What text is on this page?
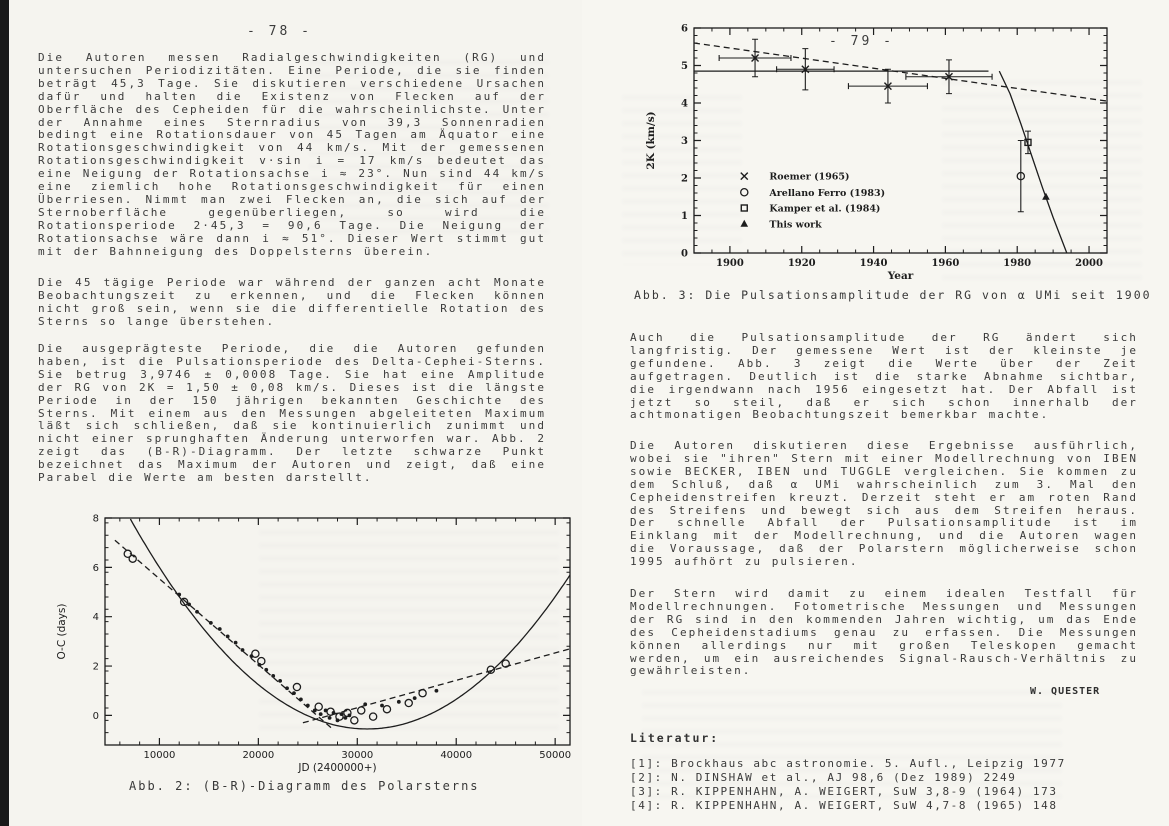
- 78 -
Die Autoren messen Radialgeschwindigkeiten (RG) und untersuchen Periodizitäten. Eine Periode, die sie finden beträgt 45,3 Tage. Sie diskutieren verschiedene Ursachen dafür und halten die Existenz von Flecken auf der Oberfläche des Cepheiden für die wahrscheinlichste. Unter der Annahme eines Sternradius von 39,3 Sonnenradien bedingt eine Rotationsdauer von 45 Tagen am Äquator eine Rotationsgeschwindigkeit von 44 km/s. Mit der gemessenen Rotationsgeschwindigkeit v·sin i = 17 km/s bedeutet das eine Neigung der Rotationsachse i ≈ 23°. Nun sind 44 km/s eine ziemlich hohe Rotationsgeschwindigkeit für einen Überriesen. Nimmt man zwei Flecken an, die sich auf der Sternoberfläche gegenüberliegen, so wird die Rotationsperiode 2·45,3 = 90,6 Tage. Die Neigung der Rotationsachse wäre dann i ≈ 51°. Dieser Wert stimmt gut mit der Bahnneigung des Doppelsterns überein.
Die 45 tägige Periode war während der ganzen acht Monate Beobachtungszeit zu erkennen, und die Flecken können nicht groß sein, wenn sie die differentielle Rotation des Sterns so lange überstehen.
Die ausgeprägteste Periode, die die Autoren gefunden haben, ist die Pulsationsperiode des Delta-Cephei-Sterns. Sie betrug 3,9746 ± 0,0008 Tage. Sie hat eine Amplitude der RG von 2K = 1,50 ± 0,08 km/s. Dieses ist die längste Periode in der 150 jährigen bekannten Geschichte des Sterns. Mit einem aus den Messungen abgeleiteten Maximum läßt sich schließen, daß sie kontinuierlich zunimmt und nicht einer sprunghaften Änderung unterworfen war. Abb. 2 zeigt das (B-R)-Diagramm. Der letzte schwarze Punkt bezeichnet das Maximum der Autoren und zeigt, daß eine Parabel die Werte am besten darstellt.
10000	20000	30000	40000	50000
0
2
4
6
8
JD (2400000+)
O-C (days)
Abb. 2: (B-R)-Diagramm des Polarsterns
1900	1920	1940	1960	1980	2000
0
1
2
3
4
5
6
Year
2K (km/s)
Roemer (1965)
Arellano Ferro (1983)
Kamper et al. (1984)
This work
- 79 -
Abb. 3: Die Pulsationsamplitude der RG von α UMi seit 1900
Auch die Pulsationsamplitude der RG ändert sich langfristig. Der gemessene Wert ist der kleinste je gefundene. Abb. 3 zeigt die Werte über der Zeit aufgetragen. Deutlich ist die starke Abnahme sichtbar, die irgendwann nach 1956 eingesetzt hat. Der Abfall ist jetzt so steil, daß er sich schon innerhalb der achtmonatigen Beobachtungszeit bemerkbar machte.
Die Autoren diskutieren diese Ergebnisse ausführlich, wobei sie "ihren" Stern mit einer Modellrechnung von IBEN sowie BECKER, IBEN und TUGGLE vergleichen. Sie kommen zu dem Schluß, daß α UMi wahrscheinlich zum 3. Mal den Cepheidenstreifen kreuzt. Derzeit steht er am roten Rand des Streifens und bewegt sich aus dem Streifen heraus. Der schnelle Abfall der Pulsationsamplitude ist im Einklang mit der Modellrechnung, und die Autoren wagen die Voraussage, daß der Polarstern möglicherweise schon 1995 aufhört zu pulsieren.
Der Stern wird damit zu einem idealen Testfall für Modellrechnungen. Fotometrische Messungen und Messungen der RG sind in den kommenden Jahren wichtig, um das Ende des Cepheidenstadiums genau zu erfassen. Die Messungen können allerdings nur mit großen Teleskopen gemacht werden, um ein ausreichendes Signal-Rausch-Verhältnis zu gewährleisten.
W. QUESTER
Literatur:
[1]: Brockhaus abc astronomie. 5. Aufl., Leipzig 1977
[2]: N. DINSHAW et al., AJ 98,6 (Dez 1989) 2249
[3]: R. KIPPENHAHN, A. WEIGERT, SuW 3,8-9 (1964) 173
[4]: R. KIPPENHAHN, A. WEIGERT, SuW 4,7-8 (1965) 148
